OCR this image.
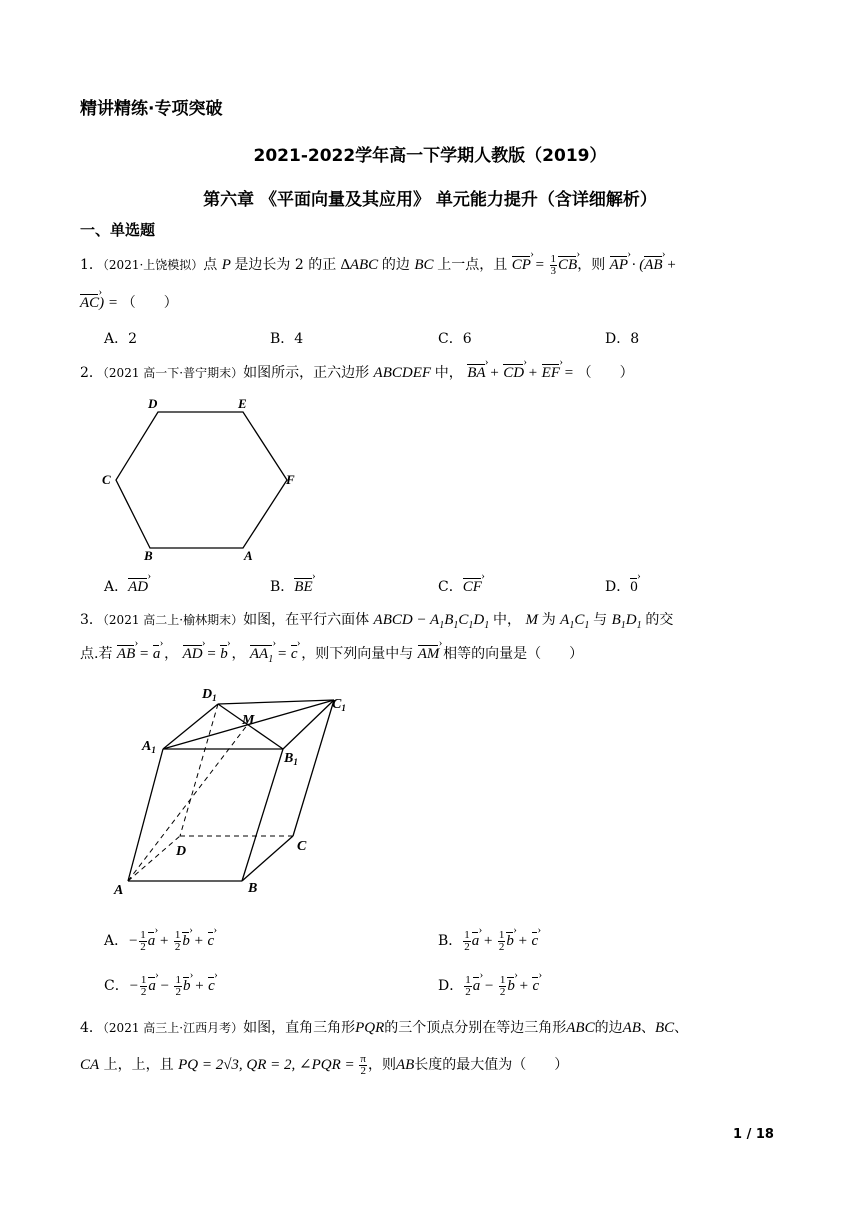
精讲精练·专项突破
2021-2022学年高一下学期人教版（2019）
第六章 《平面向量及其应用》 单元能力提升（含详细解析）
一、单选题
1．（2021·上饶模拟）点 P 是边长为 2 的正 ∆ABC 的边 BC 上一点，且 CP › = $\frac{1}{3}$ CB ›，则 AP › · (AB › +
AC ›) = （　　）
A．2	B．4	C．6	D．8
2．（2021 高一下·普宁期末）如图所示，正六边形 ABCDEF 中， BA › + CD › + EF › = （　　）
D	E
C	F
B	A
A．AD ›	B．BE ›	C．CF ›	D．0 ›
3．（2021 高二上·榆林期末）如图，在平行六面体 ABCD − $A_1B_1C_1D_1$ 中， M 为 $A_1C_1$ 与 $B_1D_1$ 的交
点.若 AB › = a › ， AD › = b › ， $AA_1$ › = c › ，则下列向量中与 AM › 相等的向量是（　　）
$D_1$
M
$C_1$
$A_1$
$B_1$
D	C
A	B
A．− $\frac{1}{2}$ a › + $\frac{1}{2}$ b › + c ›	B． $\frac{1}{2}$ a › + $\frac{1}{2}$ b › + c ›
C．− $\frac{1}{2}$ a › − $\frac{1}{2}$ b › + c ›	D． $\frac{1}{2}$ a › − $\frac{1}{2}$ b › + c ›
4．（2021 高三上·江西月考）如图，直角三角形PQR的三个顶点分别在等边三角形ABC的边AB、BC、
CA 上，上，且 PQ = 2√3, QR = 2, ∠PQR = $\frac{\pi}{2}$ ，则AB长度的最大值为（　　）
1 / 18
